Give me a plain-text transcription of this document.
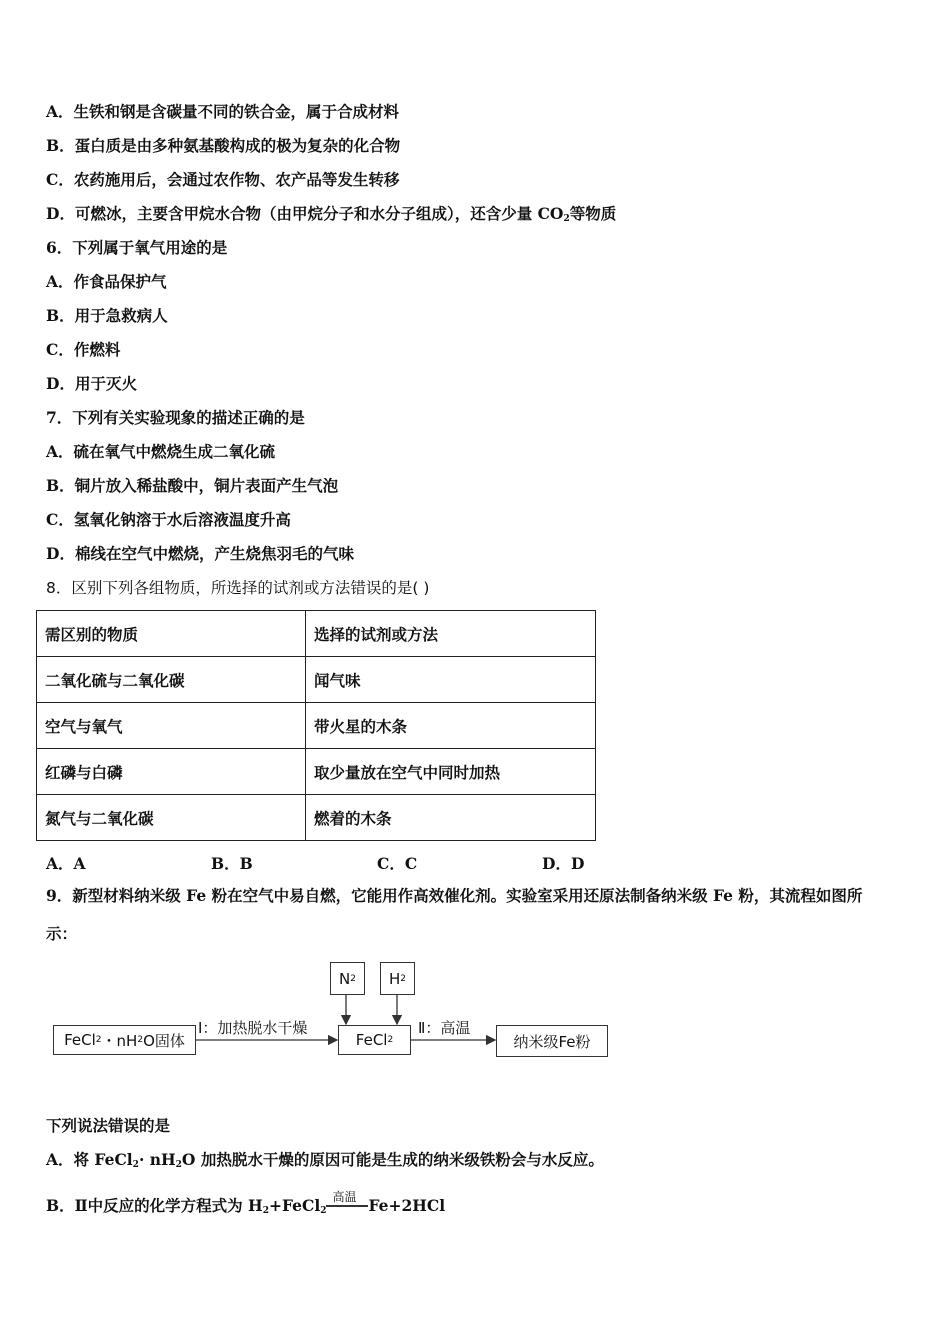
A．生铁和钢是含碳量不同的铁合金，属于合成材料
B．蛋白质是由多种氨基酸构成的极为复杂的化合物
C．农药施用后，会通过农作物、农产品等发生转移
D．可燃冰，主要含甲烷水合物（由甲烷分子和水分子组成），还含少量 $CO_2$等物质
6．下列属于氧气用途的是
A．作食品保护气
B．用于急救病人
C．作燃料
D．用于灭火
7．下列有关实验现象的描述正确的是
A．硫在氧气中燃烧生成二氧化硫
B．铜片放入稀盐酸中，铜片表面产生气泡
C．氢氧化钠溶于水后溶液温度升高
D．棉线在空气中燃烧，产生烧焦羽毛的气味
8．区别下列各组物质，所选择的试剂或方法错误的是( )
需区别的物质	选择的试剂或方法
二氧化硫与二氧化碳	闻气味
空气与氧气	带火星的木条
红磷与白磷	取少量放在空气中同时加热
氮气与二氧化碳	燃着的木条
A．A	B．B	C．C	D．D
9．新型材料纳米级 Fe 粉在空气中易自燃，它能用作高效催化剂。实验室采用还原法制备纳米级 Fe 粉，其流程如图所
示：
FeCl 2 ・nH 2 O固体
Ⅰ：加热脱水干燥
N 2 H 2
FeCl 2
Ⅱ：高温
纳米级Fe粉
下列说法错误的是
A．将 FeCl$_2$· $nH_2O$ 加热脱水干燥的原因可能是生成的纳米级铁粉会与水反应。
B．Ⅱ中反应的化学方程式为 $H_2+FeCl_2$
高温 Fe+2HCl
